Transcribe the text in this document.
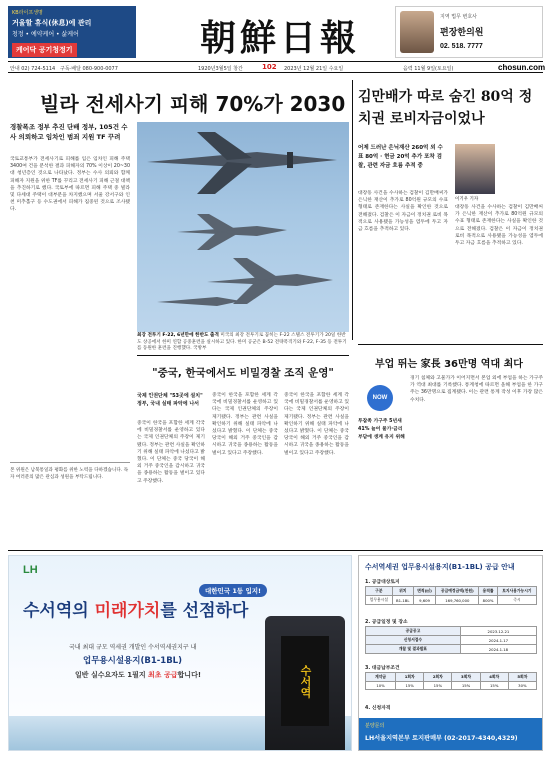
KB라이프생명
거울할 휴식(休息)에 관리
청정 • 예약케어 • 삶케어
케어닥 공기청정기	朝鮮日報	지역 법무 변호사
편장한의원
02. 518. 7777
안내 02) 724-5114 구독·배달 080-900-0077	1920년3월5일 창간	102 2023년 12월 21일 수요일	음력 11월 9일(토요일)	chosun.com
빌라 전세사기 피해 70%가 2030 김만배가 따로 숨긴 80억 정치권 로비자금이었나
경찰폭조 정부 추진 단배 정부, 105건 수사 의뢰하고 임차인 범죄 지원 TF 꾸려
국토교통부가 전세사기로 피해를 입은 임차인 피해 주택 3400여 건을 분석한 결과 피해자의 70% 이상이 20~30대 청년층인 것으로 나타났다. 정부는 수사 의뢰와 함께 피해자 지원을 위한 TF를 꾸리고 전세사기 피해 근절 대책을 추진하기로 했다. 국토부에 따르면 피해 주택 중 빌라 및 다세대 주택이 대부분을 차지했으며 서울 강서구와 인천 미추홀구 등 수도권에서 피해가 집중된 것으로 조사됐다.
최강 전투기 F-22, 6년만에 한반도 출격 미국의 최강 전투기로 꼽히는 F-22 스텔스 전투기가 20일 한반도 상공에서 한미 연합 공중훈련을 실시하고 있다. 한미 공군은 B-52 전략폭격기와 F-22, F-35 등 전투기를 동원한 훈련을 진행했다. 국방부
어제 드러난 은닉재산 260억 외 수표 80억 · 현금 20억 추가 포착 검찰, 관련 자금 흐름 추적 중
이기우 기자
대장동 사건을 수사하는 검찰이 김만배씨가 은닉한 재산이 추가로 80억원 규모의 수표 형태로 존재한다는 사실을 확인한 것으로 전해졌다. 검찰은 이 자금이 정치권 로비 목적으로 사용됐을 가능성을 염두에 두고 자금 흐름을 추적하고 있다.
대장동 사건을 수사하는 검찰이 김만배씨가 은닉한 재산이 추가로 80억원 규모의 수표 형태로 존재한다는 사실을 확인한 것으로 전해졌다. 검찰은 이 자금이 정치권 로비 목적으로 사용됐을 가능성을 염두에 두고 자금 흐름을 추적하고 있다.
"중국, 한국에서도 비밀경찰 조직 운영"
국제 인권단체 "53곳에 설치" 정부, 국내 실태 파악에 나서
중국이 한국을 포함한 세계 각국에 비밀경찰서를 운영하고 있다는 국제 인권단체의 주장이 제기됐다. 정부는 관련 사실을 확인하기 위해 실태 파악에 나섰다고 밝혔다. 이 단체는 중국 당국이 해외 거주 중국인을 감시하고 귀국을 종용하는 활동을 벌이고 있다고 주장했다.
중국이 한국을 포함한 세계 각국에 비밀경찰서를 운영하고 있다는 국제 인권단체의 주장이 제기됐다. 정부는 관련 사실을 확인하기 위해 실태 파악에 나섰다고 밝혔다. 이 단체는 중국 당국이 해외 거주 중국인을 감시하고 귀국을 종용하는 활동을 벌이고 있다고 주장했다.
중국이 한국을 포함한 세계 각국에 비밀경찰서를 운영하고 있다는 국제 인권단체의 주장이 제기됐다. 정부는 관련 사실을 확인하기 위해 실태 파악에 나섰다고 밝혔다. 이 단체는 중국 당국이 해외 거주 중국인을 감시하고 귀국을 종용하는 활동을 벌이고 있다고 주장했다.
부업 뛰는 家長 36만명 역대 최다
NOW
투잡족 가구주 5년새 41% 늘어 물가·금리 부담에 생계 유지 위해
경기 침체와 고물가가 이어지면서 본업 외에 부업을 하는 가구주가 역대 최대를 기록했다. 통계청에 따르면 올해 부업을 한 가구주는 36만명으로 집계됐다. 이는 관련 통계 작성 이후 가장 많은 수치다.
본 위원은 남북통일과 평화를 위한 노력을 다하겠습니다. 독자 여러분의 많은 관심과 성원을 부탁드립니다.
LH
대한민국 1등 입지!
수서역의 미래가치를 선점하다
국내 최대 규모 역세권 개발인 수서역세권지구 내
업무용시설용지(B1-1BL)
일반 실수요자도 1필지 최초 공급합니다!	수서역
수서역세권 업무용시설용지(B1-1BL) 공급 안내
1. 공급대상토지
구분	위치	면적(㎡)	공급예정금액(천원)	용적률	토지사용가능시기
업무용시설	B1-1BL	9,609	169,760,000	800%	즉시
2. 공급일정 및 장소
공급공고	2023.12.21
신청서접수	2024.1.17
개찰 및 결과발표	2024.1.18
3. 대금납부조건
계약금	1회차	2회차	3회차	4회차	5회차
10%	15%	15%	15%	15%	30%
4. 신청자격
분양문의
LH서울지역본부 토지판매부 (02-2017-4340,4329)
